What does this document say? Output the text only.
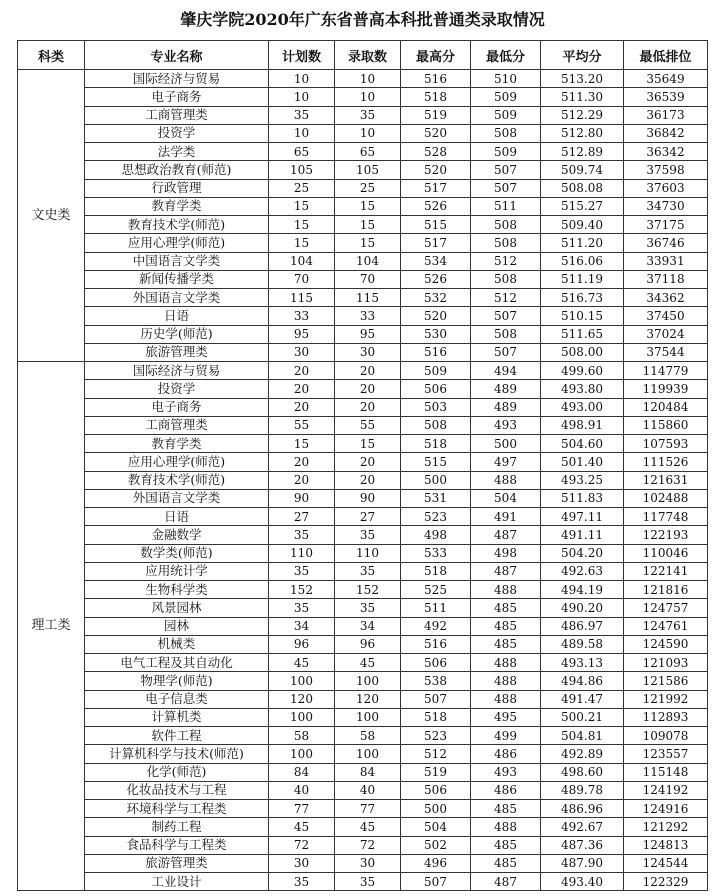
肇庆学院2020年广东省普高本科批普通类录取情况
科类	专业名称	计划数	录取数	最高分	最低分	平均分	最低排位
文史类	国际经济与贸易	10	10	516	510	513.20	35649
	电子商务	10	10	518	509	511.30	36539
	工商管理类	35	35	519	509	512.29	36173
	投资学	10	10	520	508	512.80	36842
	法学类	65	65	528	509	512.89	36342
	思想政治教育(师范)	105	105	520	507	509.74	37598
	行政管理	25	25	517	507	508.08	37603
	教育学类	15	15	526	511	515.27	34730
	教育技术学(师范)	15	15	515	508	509.40	37175
	应用心理学(师范)	15	15	517	508	511.20	36746
	中国语言文学类	104	104	534	512	516.06	33931
	新闻传播学类	70	70	526	508	511.19	37118
	外国语言文学类	115	115	532	512	516.73	34362
	日语	33	33	520	507	510.15	37450
	历史学(师范)	95	95	530	508	511.65	37024
	旅游管理类	30	30	516	507	508.00	37544
理工类	国际经济与贸易	20	20	509	494	499.60	114779
	投资学	20	20	506	489	493.80	119939
	电子商务	20	20	503	489	493.00	120484
	工商管理类	55	55	508	493	498.91	115860
	教育学类	15	15	518	500	504.60	107593
	应用心理学(师范)	20	20	515	497	501.40	111526
	教育技术学(师范)	20	20	500	488	493.25	121631
	外国语言文学类	90	90	531	504	511.83	102488
	日语	27	27	523	491	497.11	117748
	金融数学	35	35	498	487	491.11	122193
	数学类(师范)	110	110	533	498	504.20	110046
	应用统计学	35	35	518	487	492.63	122141
	生物科学类	152	152	525	488	494.19	121816
	风景园林	35	35	511	485	490.20	124757
	园林	34	34	492	485	486.97	124761
	机械类	96	96	516	485	489.58	124590
	电气工程及其自动化	45	45	506	488	493.13	121093
	物理学(师范)	100	100	538	488	494.86	121586
	电子信息类	120	120	507	488	491.47	121992
	计算机类	100	100	518	495	500.21	112893
	软件工程	58	58	523	499	504.81	109078
	计算机科学与技术(师范)	100	100	512	486	492.89	123557
	化学(师范)	84	84	519	493	498.60	115148
	化妆品技术与工程	40	40	506	486	489.78	124192
	环境科学与工程类	77	77	500	485	486.96	124916
	制药工程	45	45	504	488	492.67	121292
	食品科学与工程类	72	72	502	485	487.36	124813
	旅游管理类	30	30	496	485	487.90	124544
	工业设计	35	35	507	487	493.40	122329
